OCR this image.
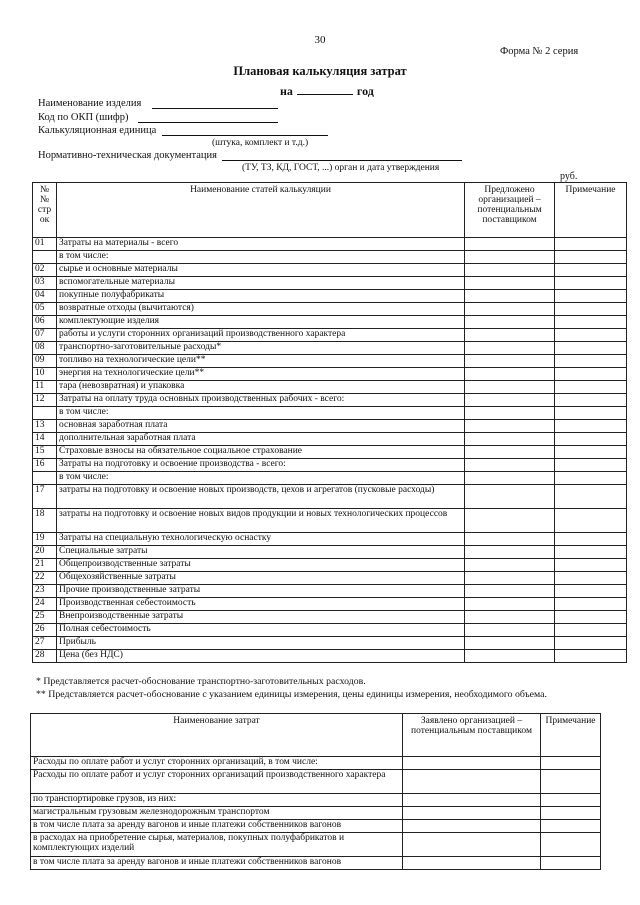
30
Форма № 2 серия
Плановая калькуляция затрат
на	год
Наименование изделия
Код по ОКП (шифр)
Калькуляционная единица
(штука, комплект и т.д.)
Нормативно-техническая документация
(ТУ, ТЗ, КД, ГОСТ, ...) орган и дата утверждения
руб.
№ № стр ок	Наименование статей калькуляции	Предложено организацией – потенциальным поставщиком	Примечание
01	Затраты на материалы - всего		
	в том числе:		
02	сырье и основные материалы		
03	вспомогательные материалы		
04	покупные полуфабрикаты		
05	возвратные отходы (вычитаются)		
06	комплектующие изделия		
07	работы и услуги сторонних организаций производственного характера		
08	транспортно-заготовительные расходы*		
09	топливо на технологические цели**		
10	энергия на технологические цели**		
11	тара (невозвратная) и упаковка		
12	Затраты на оплату труда основных производственных рабочих - всего:		
	в том числе:		
13	основная заработная плата		
14	дополнительная заработная плата		
15	Страховые взносы на обязательное социальное страхование		
16	Затраты на подготовку и освоение производства - всего:		
	в том числе:		
17	затраты на подготовку и освоение новых производств, цехов и агрегатов (пусковые расходы)		
18	затраты на подготовку и освоение новых видов продукции и новых технологических процессов		
19	Затраты на специальную технологическую оснастку		
20	Специальные затраты		
21	Общепроизводственные затраты		
22	Общехозяйственные затраты		
23	Прочие производственные затраты		
24	Производственная себестоимость		
25	Внепроизводственные затраты		
26	Полная себестоимость		
27	Прибыль		
28	Цена (без НДС)		
* Представляется расчет-обоснование транспортно-заготовительных расходов.
** Представляется расчет-обоснование с указанием единицы измерения, цены единицы измерения, необходимого объема.
Наименование затрат	Заявлено организацией – потенциальным поставщиком	Примечание
Расходы по оплате работ и услуг сторонних организаций, в том числе:		
Расходы по оплате работ и услуг сторонних организаций производственного характера		
по транспортировке грузов, из них:		
магистральным грузовым железнодорожным транспортом		
в том числе плата за аренду вагонов и иные платежи собственников вагонов		
в расходах на приобретение сырья, материалов, покупных полуфабрикатов и комплектующих изделий		
в том числе плата за аренду вагонов и иные платежи собственников вагонов		
